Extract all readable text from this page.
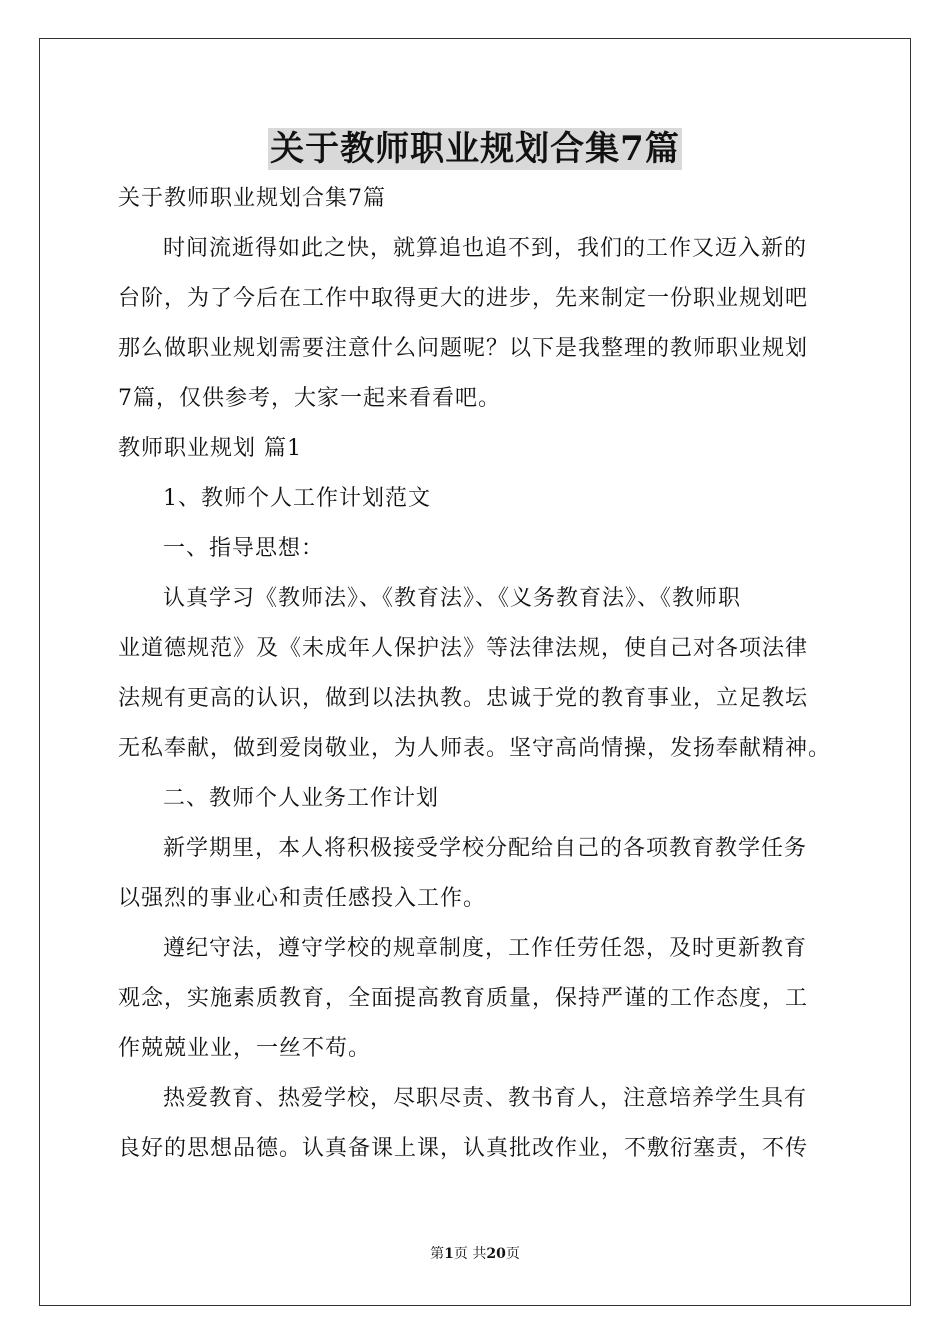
关于教师职业规划合集7篇
关于教师职业规划合集7篇
时间流逝得如此之快，就算追也追不到，我们的工作又迈入新的
台阶，为了今后在工作中取得更大的进步，先来制定一份职业规划吧
那么做职业规划需要注意什么问题呢？以下是我整理的教师职业规划
7篇，仅供参考，大家一起来看看吧。
教师职业规划 篇1
1、教师个人工作计划范文
一、指导思想：
认真学习《教师法》、《教育法》、《义务教育法》、《教师职
业道德规范》及《未成年人保护法》等法律法规，使自己对各项法律
法规有更高的认识，做到以法执教。忠诚于党的教育事业，立足教坛
无私奉献，做到爱岗敬业，为人师表。坚守高尚情操，发扬奉献精神。
二、教师个人业务工作计划
新学期里，本人将积极接受学校分配给自己的各项教育教学任务
以强烈的事业心和责任感投入工作。
遵纪守法，遵守学校的规章制度，工作任劳任怨，及时更新教育
观念，实施素质教育，全面提高教育质量，保持严谨的工作态度，工
作兢兢业业，一丝不苟。
热爱教育、热爱学校，尽职尽责、教书育人，注意培养学生具有
良好的思想品德。认真备课上课，认真批改作业，不敷衍塞责，不传
第1页 共20页
